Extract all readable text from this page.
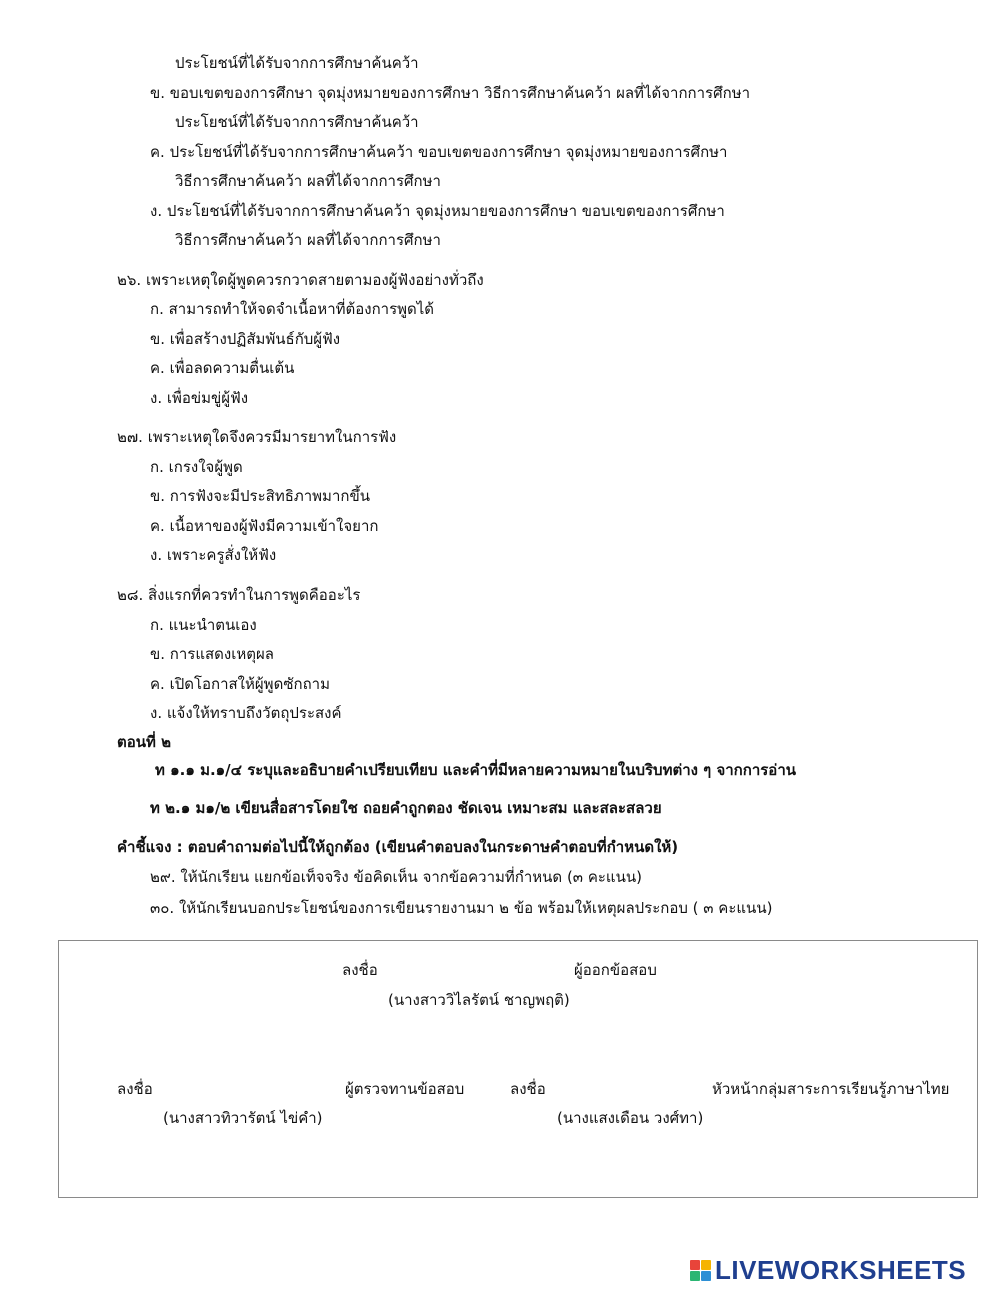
ประโยชน์ที่ได้รับจากการศึกษาค้นคว้า
ข. ขอบเขตของการศึกษา จุดมุ่งหมายของการศึกษา วิธีการศึกษาค้นคว้า ผลที่ได้จากการศึกษา
ประโยชน์ที่ได้รับจากการศึกษาค้นคว้า
ค. ประโยชน์ที่ได้รับจากการศึกษาค้นคว้า ขอบเขตของการศึกษา จุดมุ่งหมายของการศึกษา
วิธีการศึกษาค้นคว้า ผลที่ได้จากการศึกษา
ง. ประโยชน์ที่ได้รับจากการศึกษาค้นคว้า จุดมุ่งหมายของการศึกษา ขอบเขตของการศึกษา
วิธีการศึกษาค้นคว้า ผลที่ได้จากการศึกษา
๒๖. เพราะเหตุใดผู้พูดควรกวาดสายตามองผู้ฟังอย่างทั่วถึง
ก. สามารถทำให้จดจำเนื้อหาที่ต้องการพูดได้
ข. เพื่อสร้างปฏิสัมพันธ์กับผู้ฟัง
ค. เพื่อลดความตื่นเต้น
ง. เพื่อข่มขู่ผู้ฟัง
๒๗. เพราะเหตุใดจึงควรมีมารยาทในการฟัง
ก. เกรงใจผู้พูด
ข. การฟังจะมีประสิทธิภาพมากขึ้น
ค. เนื้อหาของผู้ฟังมีความเข้าใจยาก
ง. เพราะครูสั่งให้ฟัง
๒๘. สิ่งแรกที่ควรทำในการพูดคืออะไร
ก. แนะนำตนเอง
ข. การแสดงเหตุผล
ค. เปิดโอกาสให้ผู้พูดซักถาม
ง. แจ้งให้ทราบถึงวัตถุประสงค์
ตอนที่ ๒
ท ๑.๑ ม.๑/๔ ระบุและอธิบายคำเปรียบเทียบ และคำที่มีหลายความหมายในบริบทต่าง ๆ จากการอ่าน
ท ๒.๑ ม๑/๒ เขียนสื่อสารโดยใช ถอยคำถูกตอง ชัดเจน เหมาะสม และสละสลวย
คำชี้แจง : ตอบคำถามต่อไปนี้ให้ถูกต้อง (เขียนคำตอบลงในกระดาษคำตอบที่กำหนดให้)
๒๙. ให้นักเรียน แยกข้อเท็จจริง ข้อคิดเห็น จากข้อความที่กำหนด (๓ คะแนน)
๓๐. ให้นักเรียนบอกประโยชน์ของการเขียนรายงานมา ๒ ข้อ พร้อมให้เหตุผลประกอบ ( ๓ คะแนน)
ลงชื่อ	ผู้ออกข้อสอบ
(นางสาววิไลรัตน์ ชาญพฤติ)
ลงชื่อ	ผู้ตรวจทานข้อสอบ	ลงชื่อ	หัวหน้ากลุ่มสาระการเรียนรู้ภาษาไทย
(นางสาวทิวารัตน์ ไข่คำ)	(นางแสงเดือน วงศ์ทา)
LIVEWORKSHEETS
